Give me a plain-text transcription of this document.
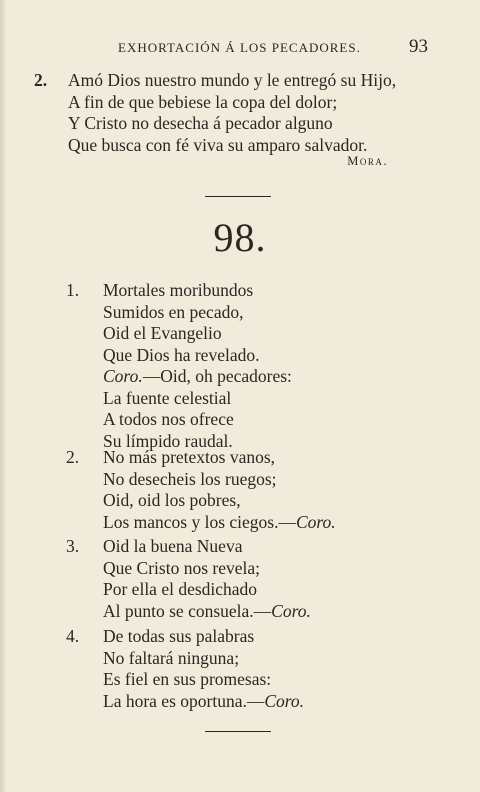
EXHORTACIÓN Á LOS PECADORES.	93
2.	Amó Dios nuestro mundo y le entregó su Hijo,
A fin de que bebiese la copa del dolor;
Y Cristo no desecha á pecador alguno
Que busca con fé viva su amparo salvador.
Mora.
98.
1.	Mortales moribundos
Sumidos en pecado,
Oid el Evangelio
Que Dios ha revelado.
Coro.—Oid, oh pecadores:
La fuente celestial
A todos nos ofrece
Su límpido raudal.
2.	No más pretextos vanos,
No desecheis los ruegos;
Oid, oid los pobres,
Los mancos y los ciegos.—Coro.
3.	Oid la buena Nueva
Que Cristo nos revela;
Por ella el desdichado
Al punto se consuela.—Coro.
4.	De todas sus palabras
No faltará ninguna;
Es fiel en sus promesas:
La hora es oportuna.—Coro.
